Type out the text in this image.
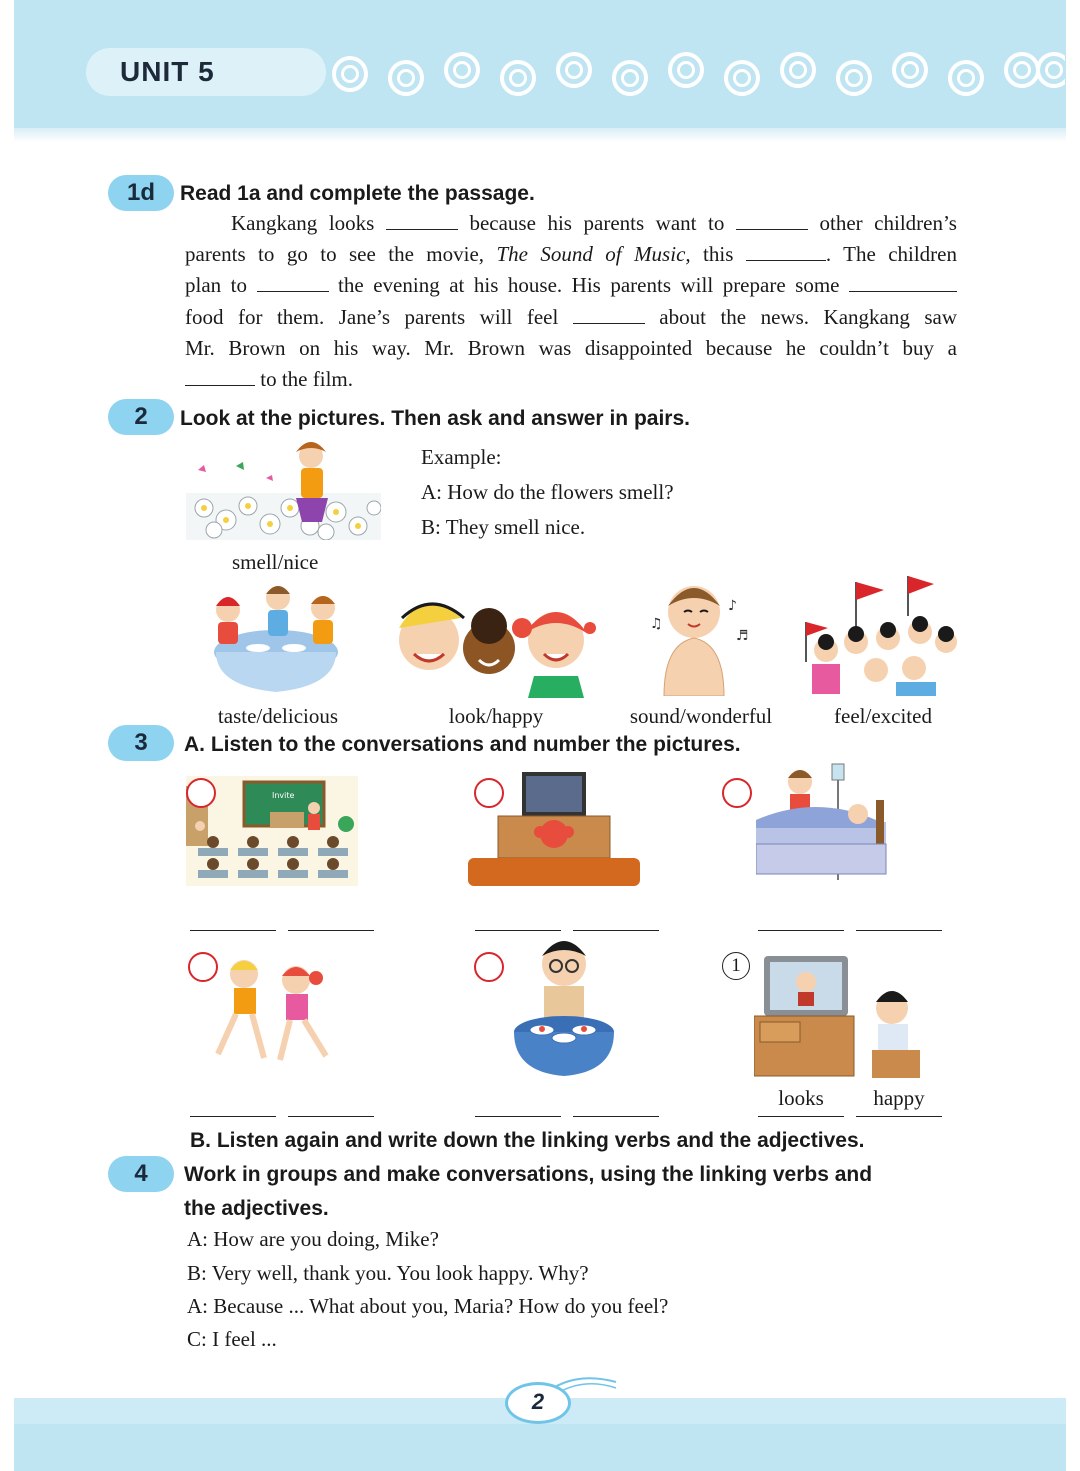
UNIT 5
1d	Read 1a and complete the passage.
Kangkang looks	because his parents want to	other children’s
parents to go to see the movie, The Sound of Music, this	. The children
plan to	the evening at his house. His parents will prepare some
food for them. Jane’s parents will feel	about the news. Kangkang saw
Mr. Brown on his way. Mr. Brown was disappointed because he couldn’t buy a
to the film.
2	Look at the pictures. Then ask and answer in pairs.
Example:
A: How do the flowers smell?
B: They smell nice.
smell/nice
♫
♪
♬
taste/delicious	look/happy	sound/wonderful	feel/excited
3	A. Listen to the conversations and number the pictures.
Invite
1
looks	happy
B. Listen again and write down the linking verbs and the adjectives.
4	Work in groups and make conversations, using the linking verbs and
the adjectives.
A: How are you doing, Mike?
B: Very well, thank you. You look happy. Why?
A: Because ... What about you, Maria? How do you feel?
C: I feel ...
2
